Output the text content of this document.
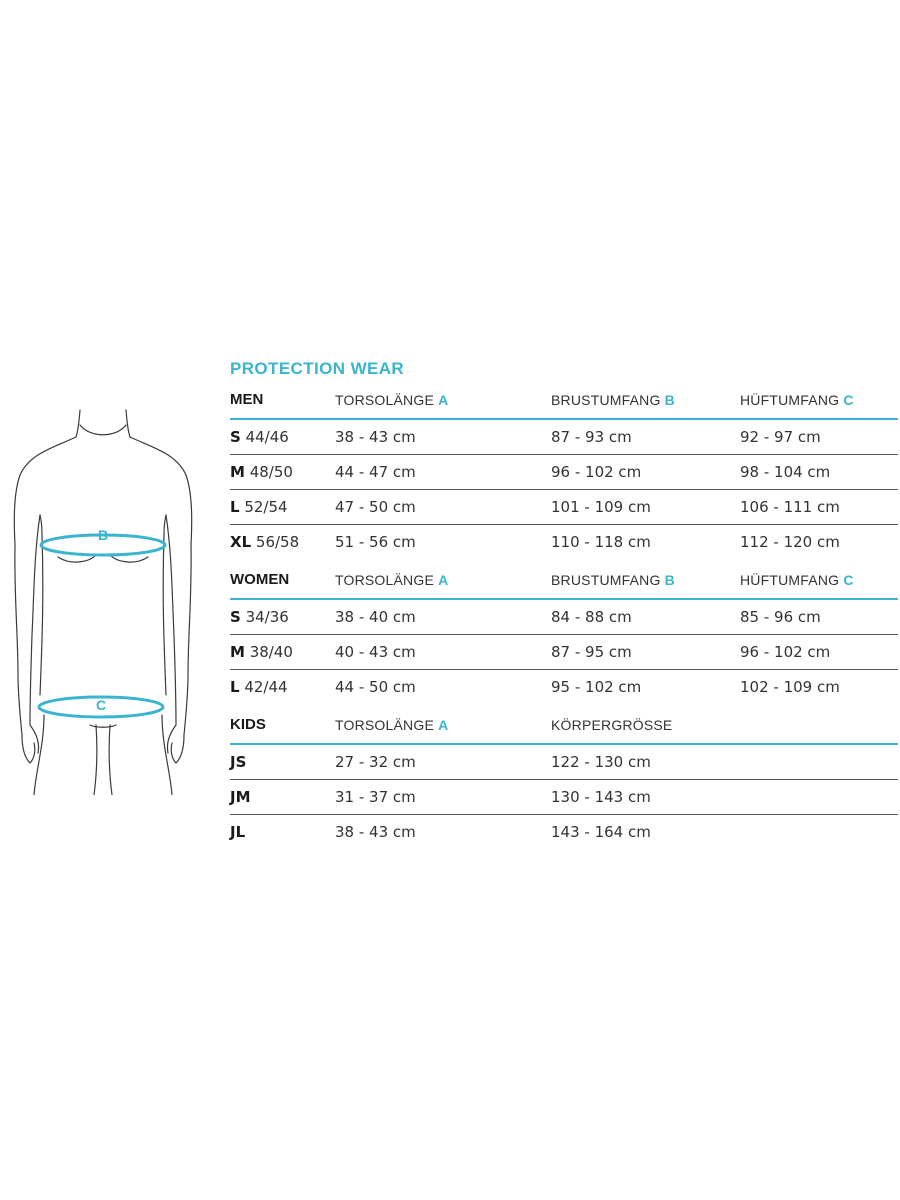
B
C
PROTECTION WEAR
MEN	TORSOLÄNGE A	BRUSTUMFANG B	HÜFTUMFANG C
S 44/46	38 - 43 cm	87 - 93 cm	92 - 97 cm
M 48/50	44 - 47 cm	96 - 102 cm	98 - 104 cm
L 52/54	47 - 50 cm	101 - 109 cm	106 - 111 cm
XL 56/58 51 - 56 cm	110 - 118 cm	112 - 120 cm
WOMEN	TORSOLÄNGE A	BRUSTUMFANG B	HÜFTUMFANG C
S 34/36	38 - 40 cm	84 - 88 cm	85 - 96 cm
M 38/40	40 - 43 cm	87 - 95 cm	96 - 102 cm
L 42/44	44 - 50 cm	95 - 102 cm	102 - 109 cm
KIDS	TORSOLÄNGE A	KÖRPERGRÖSSE
JS	27 - 32 cm	122 - 130 cm
JM	31 - 37 cm	130 - 143 cm
JL	38 - 43 cm	143 - 164 cm
